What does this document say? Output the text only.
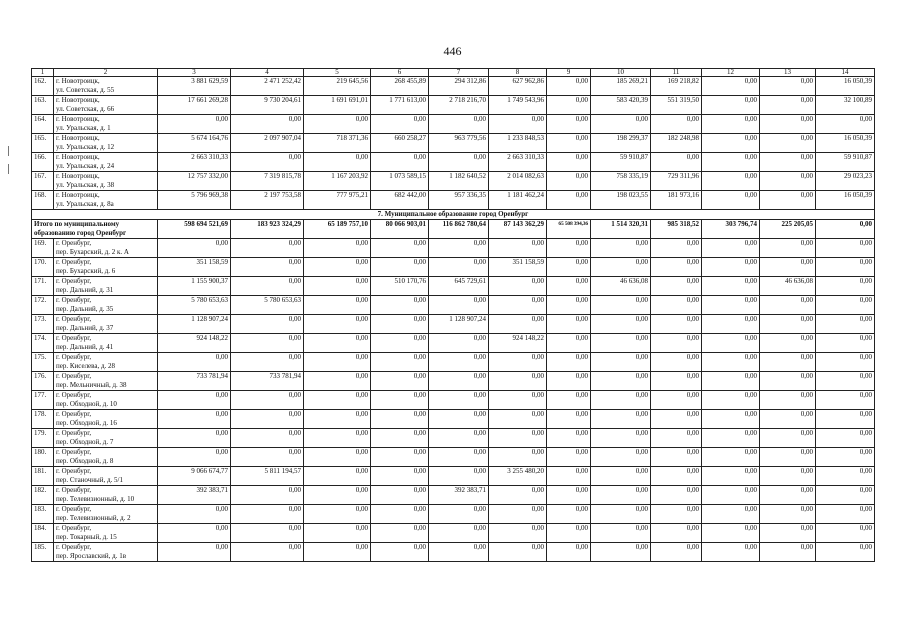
446
1	2	3	4	5	6	7	8	9	10	11	12	13	14
162.	г. Новотроицк,
ул. Советская, д. 55	3 881 629,59	2 471 252,42	219 645,56	268 455,89	294 312,86	627 962,86	0,00	185 269,21	169 218,82	0,00	0,00	16 050,39
163.	г. Новотроицк,
ул. Советская, д. 66	17 661 269,28	9 730 204,61	1 691 691,01	1 771 613,00	2 718 216,70	1 749 543,96	0,00	583 420,39	551 319,50	0,00	0,00	32 100,89
164.	г. Новотроицк,
ул. Уральская, д. 1	0,00	0,00	0,00	0,00	0,00	0,00	0,00	0,00	0,00	0,00	0,00	0,00
165.	г. Новотроицк,
ул. Уральская, д. 12	5 674 164,76	2 097 907,04	718 371,36	660 258,27	963 779,56	1 233 848,53	0,00	198 299,37	182 248,98	0,00	0,00	16 050,39
166.	г. Новотроицк,
ул. Уральская, д. 24	2 663 310,33	0,00	0,00	0,00	0,00	2 663 310,33	0,00	59 910,87	0,00	0,00	0,00	59 910,87
167.	г. Новотроицк,
ул. Уральская, д. 38	12 757 332,00	7 319 815,78	1 167 203,92	1 073 589,15	1 182 640,52	2 014 082,63	0,00	758 335,19	729 311,96	0,00	0,00	29 023,23
168.	г. Новотроицк,
ул. Уральская, д. 8а	5 796 969,38	2 197 753,58	777 975,21	682 442,00	957 336,35	1 181 462,24	0,00	198 023,55	181 973,16	0,00	0,00	16 050,39
7. Муниципальное образование город Оренбург													
Итого по муниципальному
образованию город Оренбург		598 694 521,69	183 923 324,29	65 189 757,10	80 066 903,01	116 862 780,64	87 143 362,29	65 508 394,36	1 514 320,31	985 318,52	303 796,74	225 205,05	0,00
169.	г. Оренбург,
пер. Бухарский, д. 2 к. А	0,00	0,00	0,00	0,00	0,00	0,00	0,00	0,00	0,00	0,00	0,00	0,00
170.	г. Оренбург,
пер. Бухарский, д. 6	351 158,59	0,00	0,00	0,00	0,00	351 158,59	0,00	0,00	0,00	0,00	0,00	0,00
171.	г. Оренбург,
пер. Дальний, д. 31	1 155 900,37	0,00	0,00	510 170,76	645 729,61	0,00	0,00	46 636,08	0,00	0,00	46 636,08	0,00
172.	г. Оренбург,
пер. Дальний, д. 35	5 780 653,63	5 780 653,63	0,00	0,00	0,00	0,00	0,00	0,00	0,00	0,00	0,00	0,00
173.	г. Оренбург,
пер. Дальний, д. 37	1 128 907,24	0,00	0,00	0,00	1 128 907,24	0,00	0,00	0,00	0,00	0,00	0,00	0,00
174.	г. Оренбург,
пер. Дальний, д. 41	924 148,22	0,00	0,00	0,00	0,00	924 148,22	0,00	0,00	0,00	0,00	0,00	0,00
175.	г. Оренбург,
пер. Киселева, д. 28	0,00	0,00	0,00	0,00	0,00	0,00	0,00	0,00	0,00	0,00	0,00	0,00
176.	г. Оренбург,
пер. Мельничный, д. 38	733 781,94	733 781,94	0,00	0,00	0,00	0,00	0,00	0,00	0,00	0,00	0,00	0,00
177.	г. Оренбург,
пер. Обходной, д. 10	0,00	0,00	0,00	0,00	0,00	0,00	0,00	0,00	0,00	0,00	0,00	0,00
178.	г. Оренбург,
пер. Обходной, д. 16	0,00	0,00	0,00	0,00	0,00	0,00	0,00	0,00	0,00	0,00	0,00	0,00
179.	г. Оренбург,
пер. Обходной, д. 7	0,00	0,00	0,00	0,00	0,00	0,00	0,00	0,00	0,00	0,00	0,00	0,00
180.	г. Оренбург,
пер. Обходной, д. 8	0,00	0,00	0,00	0,00	0,00	0,00	0,00	0,00	0,00	0,00	0,00	0,00
181.	г. Оренбург,
пер. Станочный, д. 5/1	9 066 674,77	5 811 194,57	0,00	0,00	0,00	3 255 480,20	0,00	0,00	0,00	0,00	0,00	0,00
182.	г. Оренбург,
пер. Телевизионный, д. 10	392 383,71	0,00	0,00	0,00	392 383,71	0,00	0,00	0,00	0,00	0,00	0,00	0,00
183.	г. Оренбург,
пер. Телевизионный, д. 2	0,00	0,00	0,00	0,00	0,00	0,00	0,00	0,00	0,00	0,00	0,00	0,00
184.	г. Оренбург,
пер. Токарный, д. 15	0,00	0,00	0,00	0,00	0,00	0,00	0,00	0,00	0,00	0,00	0,00	0,00
185.	г. Оренбург,
пер. Ярославский, д. 1в	0,00	0,00	0,00	0,00	0,00	0,00	0,00	0,00	0,00	0,00	0,00	0,00
